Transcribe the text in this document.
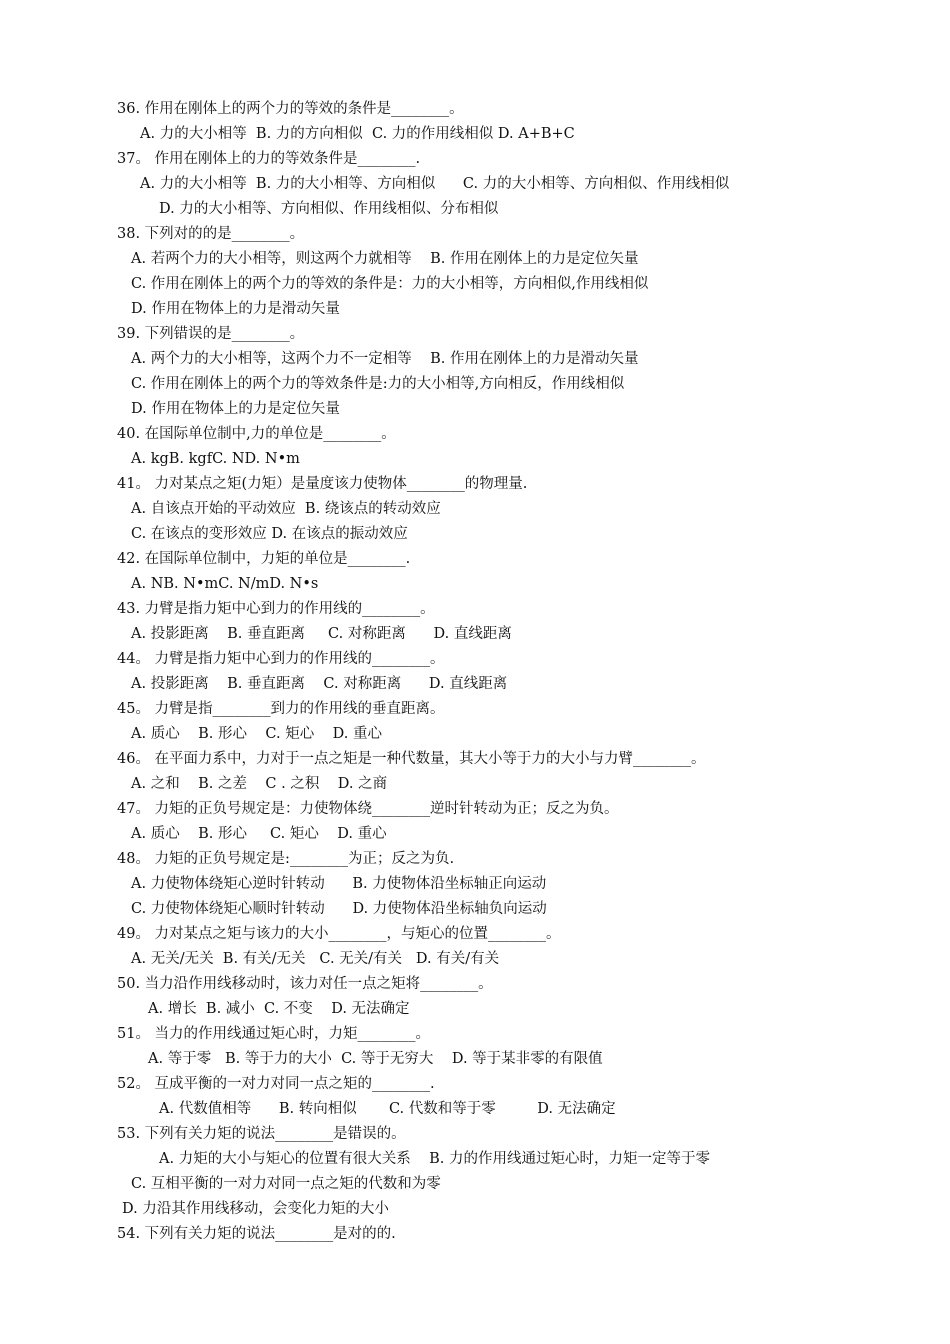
36. 作用在刚体上的两个力的等效的条件是________。
A. 力的大小相等  B. 力的方向相似  C. 力的作用线相似 D. A+B+C
37。 作用在刚体上的力的等效条件是________.
A. 力的大小相等  B. 力的大小相等、方向相似      C. 力的大小相等、方向相似、作用线相似
D. 力的大小相等、方向相似、作用线相似、分布相似
38. 下列对的的是________。
A. 若两个力的大小相等，则这两个力就相等    B. 作用在刚体上的力是定位矢量
C. 作用在刚体上的两个力的等效的条件是：力的大小相等，方向相似,作用线相似
D. 作用在物体上的力是滑动矢量
39. 下列错误的是________。
A. 两个力的大小相等，这两个力不一定相等    B. 作用在刚体上的力是滑动矢量
C. 作用在刚体上的两个力的等效条件是:力的大小相等,方向相反，作用线相似
D. 作用在物体上的力是定位矢量
40. 在国际单位制中,力的单位是________。
A. kgB. kgfC. ND. N•m
41。 力对某点之矩(力矩）是量度该力使物体________的物理量.
A. 自该点开始的平动效应  B. 绕该点的转动效应
C. 在该点的变形效应 D. 在该点的振动效应
42. 在国际单位制中，力矩的单位是________.
A. NB. N•mC. N/mD. N•s
43. 力臂是指力矩中心到力的作用线的________。
A. 投影距离    B. 垂直距离     C. 对称距离      D. 直线距离
44。 力臂是指力矩中心到力的作用线的________。
A. 投影距离    B. 垂直距离    C. 对称距离      D. 直线距离
45。 力臂是指________到力的作用线的垂直距离。
A. 质心    B. 形心    C. 矩心    D. 重心
46。 在平面力系中，力对于一点之矩是一种代数量，其大小等于力的大小与力臂________。
A. 之和    B. 之差    C . 之积    D. 之商
47。 力矩的正负号规定是：力使物体绕________逆时针转动为正；反之为负。
A. 质心    B. 形心     C. 矩心    D. 重心
48。 力矩的正负号规定是:________为正；反之为负.
A. 力使物体绕矩心逆时针转动      B. 力使物体沿坐标轴正向运动
C. 力使物体绕矩心顺时针转动      D. 力使物体沿坐标轴负向运动
49。 力对某点之矩与该力的大小________，与矩心的位置________。
A. 无关/无关  B. 有关/无关   C. 无关/有关   D. 有关/有关
50. 当力沿作用线移动时，该力对任一点之矩将________。
A. 增长  B. 减小  C. 不变    D. 无法确定
51。 当力的作用线通过矩心时，力矩________。
A. 等于零   B. 等于力的大小  C. 等于无穷大    D. 等于某非零的有限值
52。 互成平衡的一对力对同一点之矩的________.
A. 代数值相等      B. 转向相似       C. 代数和等于零         D. 无法确定
53. 下列有关力矩的说法________是错误的。
A. 力矩的大小与矩心的位置有很大关系    B. 力的作用线通过矩心时，力矩一定等于零
C. 互相平衡的一对力对同一点之矩的代数和为零
D. 力沿其作用线移动，会变化力矩的大小
54. 下列有关力矩的说法________是对的的.
